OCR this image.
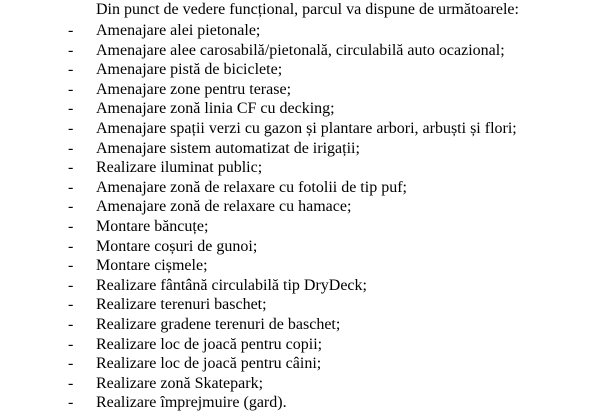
Din punct de vedere funcțional, parcul va dispune de următoarele:

- Amenajare alei pietonale;
- Amenajare alee carosabilă/pietonală, circulabilă auto ocazional;
- Amenajare pistă de biciclete;
- Amenajare zone pentru terase;
- Amenajare zonă linia CF cu decking;
- Amenajare spații verzi cu gazon și plantare arbori, arbuști și flori;
- Amenajare sistem automatizat de irigații;
- Realizare iluminat public;
- Amenajare zonă de relaxare cu fotolii de tip puf;
- Amenajare zonă de relaxare cu hamace;
- Montare băncuțe;
- Montare coșuri de gunoi;
- Montare cișmele;
- Realizare fântână circulabilă tip DryDeck;
- Realizare terenuri baschet;
- Realizare gradene terenuri de baschet;
- Realizare loc de joacă pentru copii;
- Realizare loc de joacă pentru câini;
- Realizare zonă Skatepark;
- Realizare împrejmuire (gard).
